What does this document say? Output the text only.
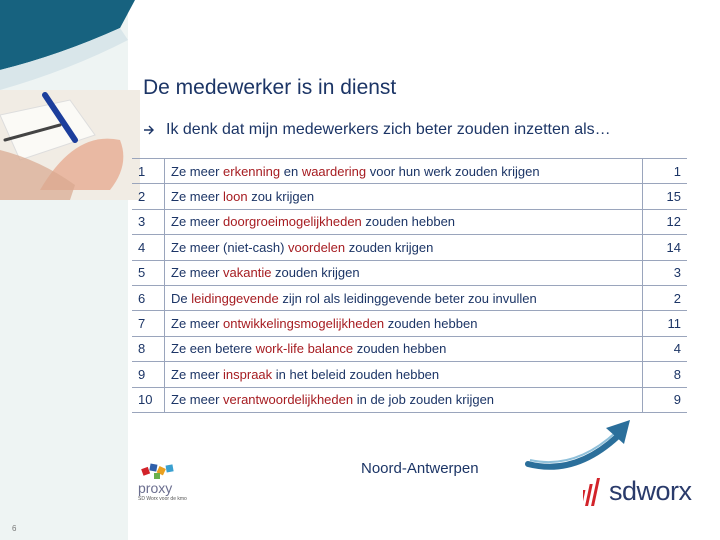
De medewerker is in dienst
Ik denk dat mijn medewerkers zich beter zouden inzetten als…
1	Ze meer erkenning en waardering voor hun werk zouden krijgen	1
2	Ze meer loon zou krijgen	15
3	Ze meer doorgroeimogelijkheden zouden hebben	12
4	Ze meer (niet-cash) voordelen zouden krijgen	14
5	Ze meer vakantie zouden krijgen	3
6	De leidinggevende zijn rol als leidinggevende beter zou invullen	2
7	Ze meer ontwikkelingsmogelijkheden zouden hebben	11
8	Ze een betere work-life balance zouden hebben	4
9	Ze meer inspraak in het beleid zouden hebben	8
10	Ze meer verantwoordelijkheden in de job zouden krijgen	9
proxy
SD Worx voor de kmo
Noord-Antwerpen
sdworx
6
